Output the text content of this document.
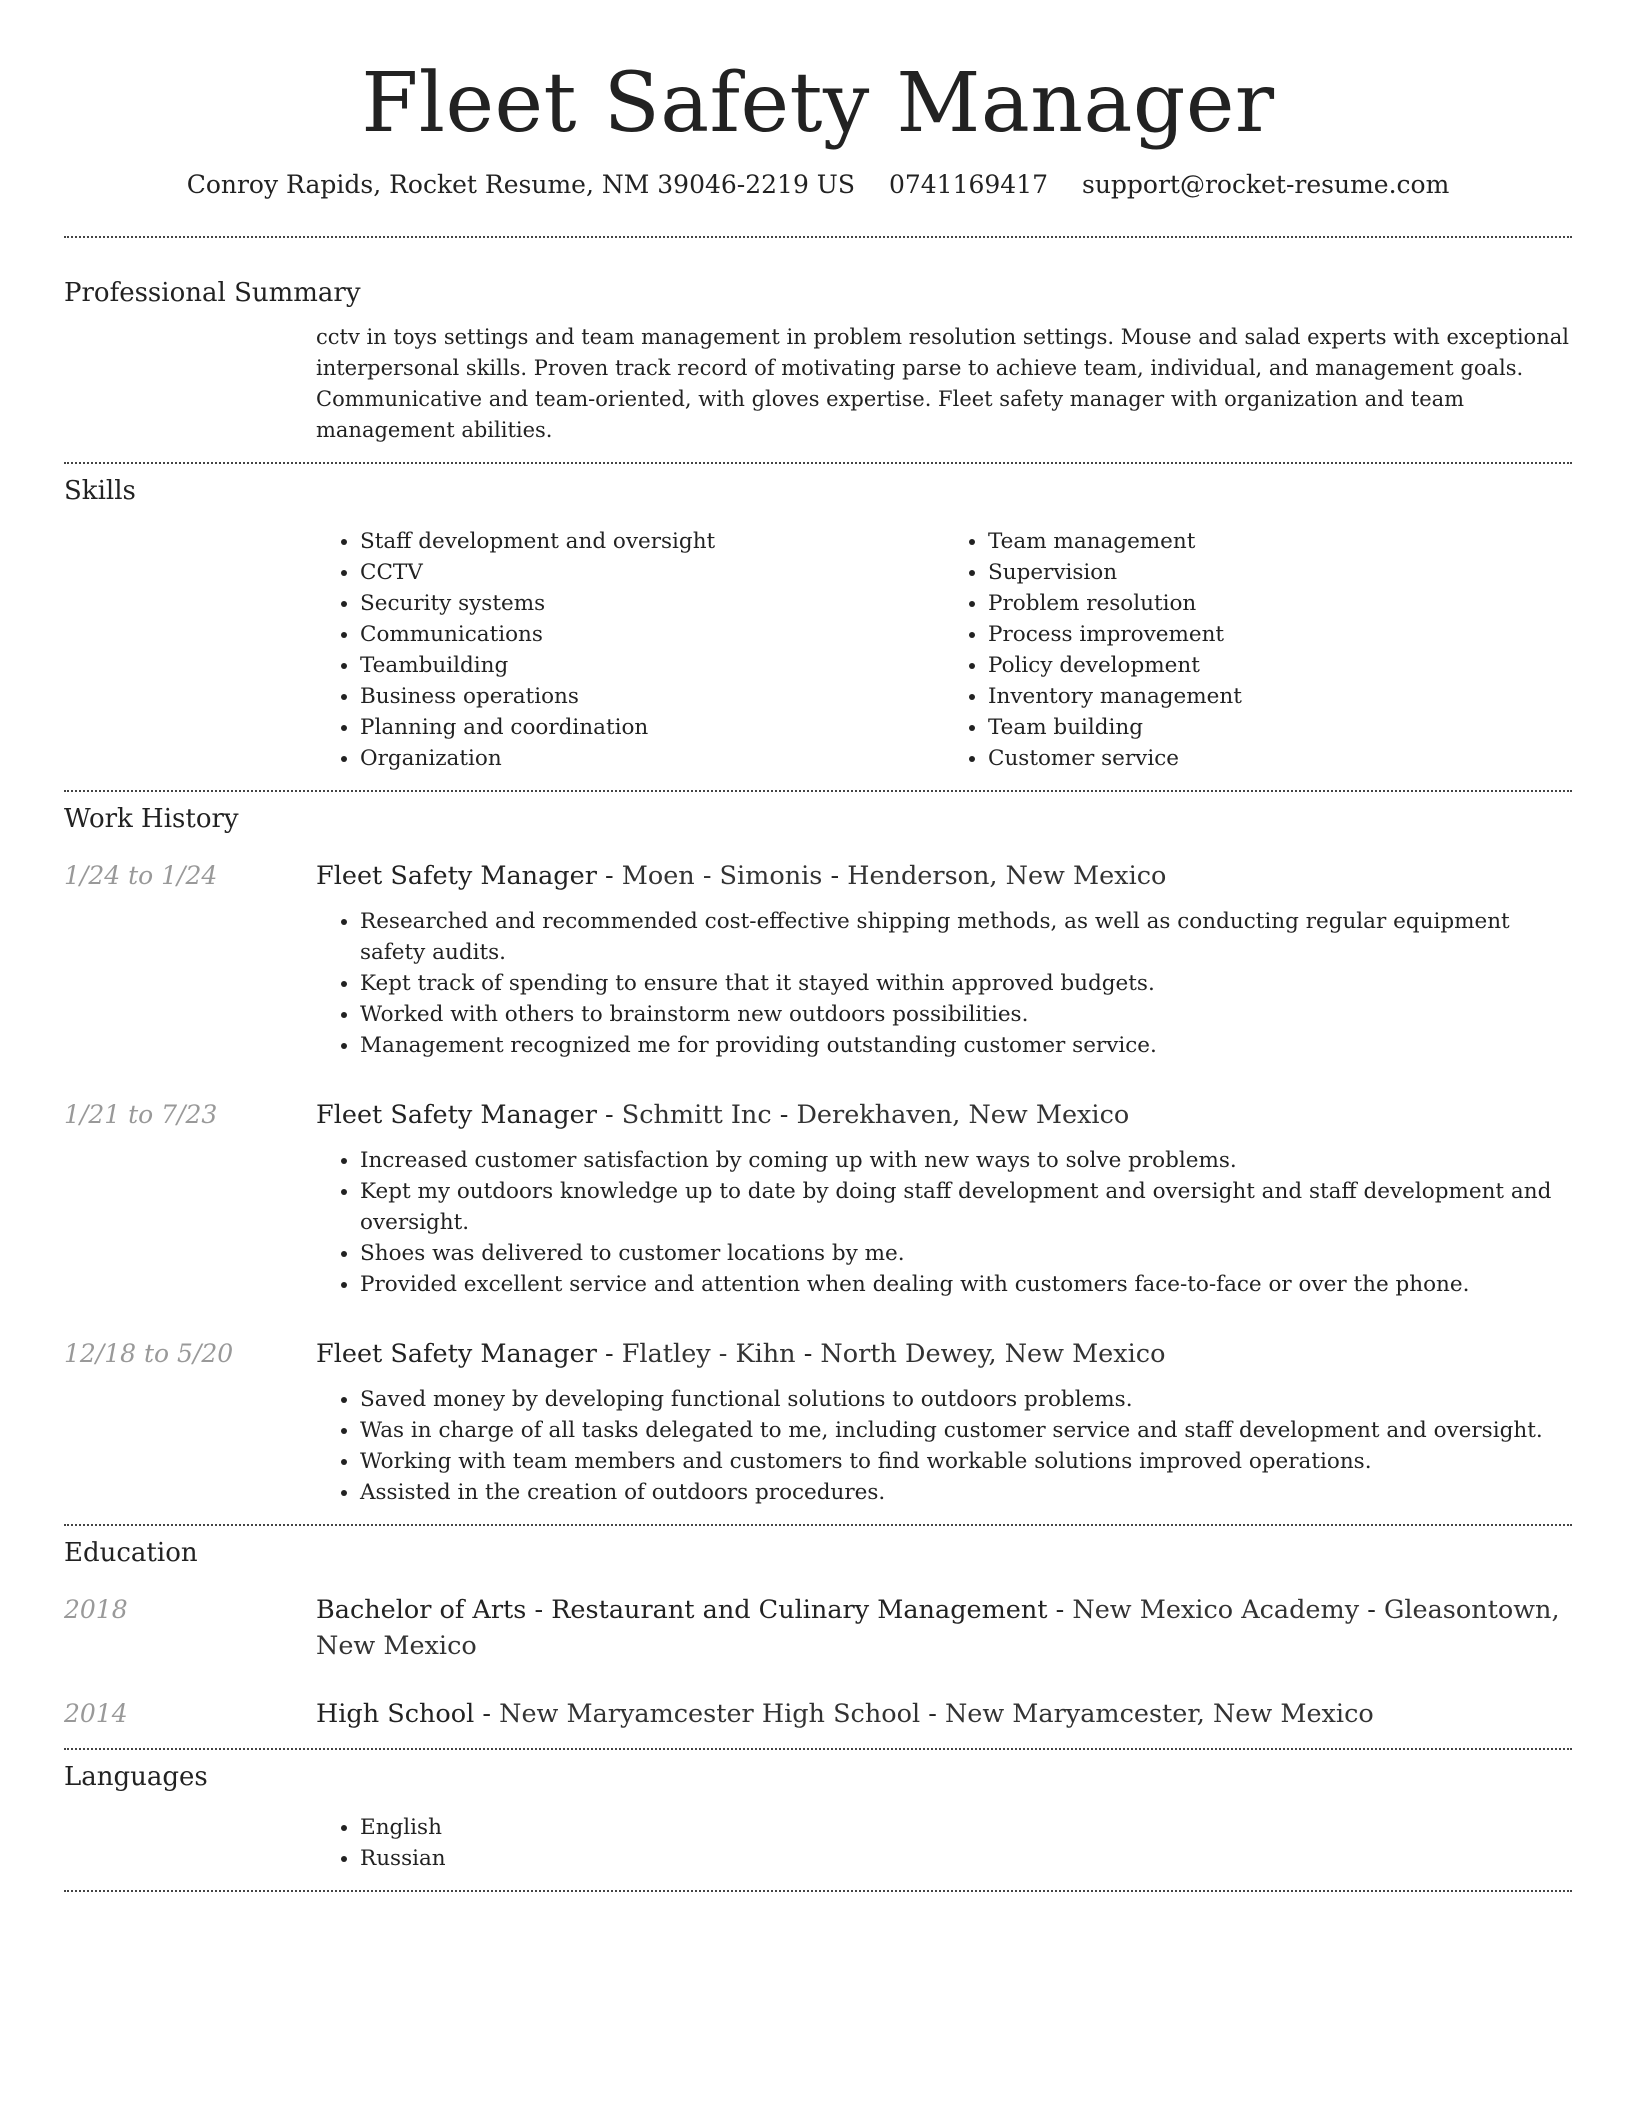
Fleet Safety Manager
Conroy Rapids, Rocket Resume, NM 39046-2219 US 0741169417 support@rocket-resume.com
Professional Summary

cctv in toys settings and team management in problem resolution settings. Mouse and salad experts with exceptional interpersonal skills. Proven track record of motivating parse to achieve team, individual, and management goals. Communicative and team-oriented, with gloves expertise. Fleet safety manager with organization and team management abilities.

Skills
• Staff development and oversight
• CCTV
• Security systems
• Communications
• Teambuilding
• Business operations
• Planning and coordination
• Organization
• Team management
• Supervision
• Problem resolution
• Process improvement
• Policy development
• Inventory management
• Team building
• Customer service
Work History
1/24 to 1/24	Fleet Safety Manager - Moen - Simonis - Henderson, New Mexico
• Researched and recommended cost-effective shipping methods, as well as conducting regular equipment safety audits.
• Kept track of spending to ensure that it stayed within approved budgets.
• Worked with others to brainstorm new outdoors possibilities.
• Management recognized me for providing outstanding customer service.
1/21 to 7/23	Fleet Safety Manager - Schmitt Inc - Derekhaven, New Mexico
• Increased customer satisfaction by coming up with new ways to solve problems.
• Kept my outdoors knowledge up to date by doing staff development and oversight and staff development and oversight.
• Shoes was delivered to customer locations by me.
• Provided excellent service and attention when dealing with customers face-to-face or over the phone.
12/18 to 5/20	Fleet Safety Manager - Flatley - Kihn - North Dewey, New Mexico
• Saved money by developing functional solutions to outdoors problems.
• Was in charge of all tasks delegated to me, including customer service and staff development and oversight.
• Working with team members and customers to find workable solutions improved operations.
• Assisted in the creation of outdoors procedures.
Education
2018	Bachelor of Arts - Restaurant and Culinary Management - New Mexico Academy - Gleasontown, New Mexico
2014	High School - New Maryamcester High School - New Maryamcester, New Mexico
Languages
• English
• Russian
